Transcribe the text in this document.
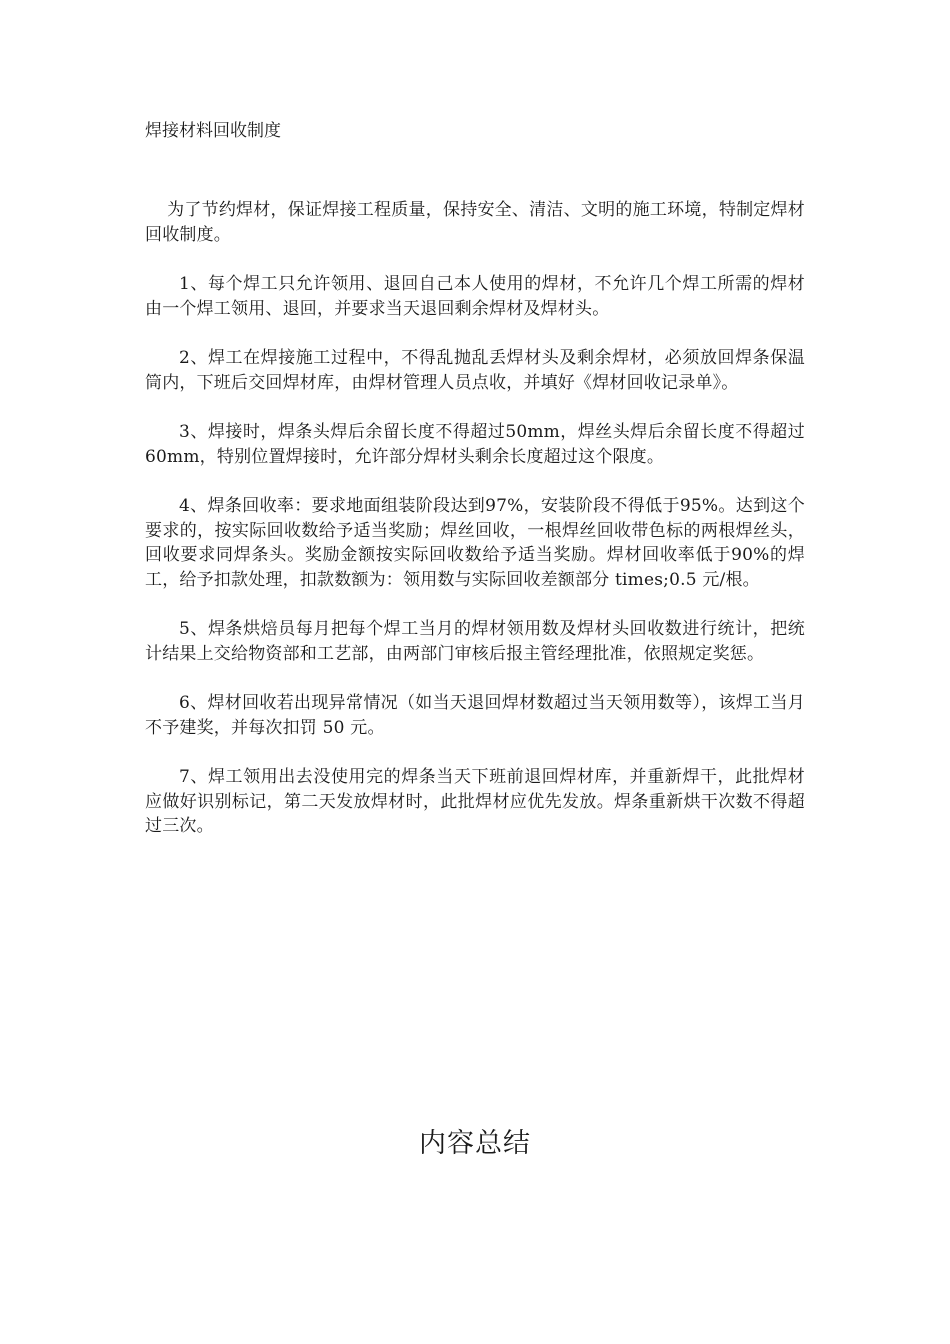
焊接材料回收制度

为了节约焊材，保证焊接工程质量，保持安全、清洁、文明的施工环境，特制定焊材回收制度。

1、每个焊工只允许领用、退回自己本人使用的焊材，不允许几个焊工所需的焊材由一个焊工领用、退回，并要求当天退回剩余焊材及焊材头。

2、焊工在焊接施工过程中，不得乱抛乱丢焊材头及剩余焊材，必须放回焊条保温筒内，下班后交回焊材库，由焊材管理人员点收，并填好《焊材回收记录单》。

3、焊接时，焊条头焊后余留长度不得超过50mm，焊丝头焊后余留长度不得超过60mm，特别位置焊接时，允许部分焊材头剩余长度超过这个限度。

4、焊条回收率：要求地面组装阶段达到97%，安装阶段不得低于95%。达到这个要求的，按实际回收数给予适当奖励；焊丝回收，一根焊丝回收带色标的两根焊丝头，回收要求同焊条头。奖励金额按实际回收数给予适当奖励。焊材回收率低于90%的焊工，给予扣款处理，扣款数额为：领用数与实际回收差额部分 times;0.5 元/根。

5、焊条烘焙员每月把每个焊工当月的焊材领用数及焊材头回收数进行统计，把统计结果上交给物资部和工艺部，由两部门审核后报主管经理批准，依照规定奖惩。

6、焊材回收若出现异常情况（如当天退回焊材数超过当天领用数等），该焊工当月不予建奖，并每次扣罚 50 元。

7、焊工领用出去没使用完的焊条当天下班前退回焊材库，并重新焊干，此批焊材应做好识别标记，第二天发放焊材时，此批焊材应优先发放。焊条重新烘干次数不得超过三次。

内容总结
